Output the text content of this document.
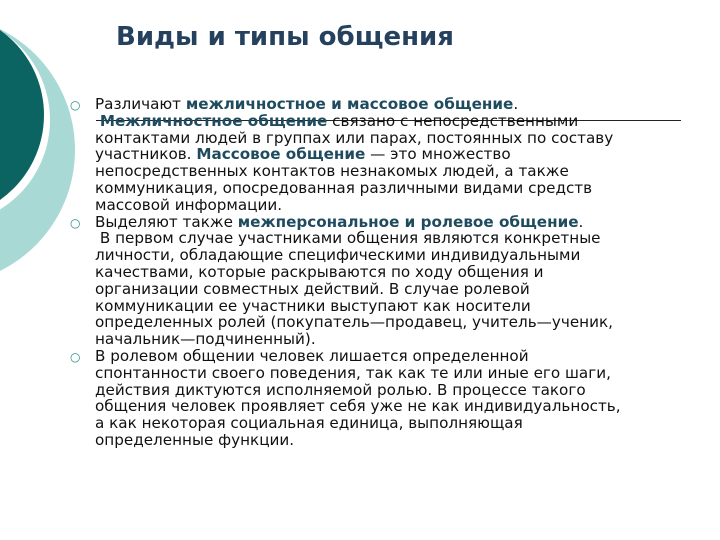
Виды и типы общения
○ Различают межличностное и массовое общение.
Межличностное общение связано с непосредственными
контактами людей в группах или парах, постоянных по составу
участников. Массовое общение — это множество
непосредственных контактов незнакомых людей, а также
коммуникация, опосредованная различными видами средств
массовой информации.
○ Выделяют также межперсональное и ролевое общение.
В первом случае участниками общения являются конкретные
личности, обладающие специфическими индивидуальными
качествами, которые раскрываются по ходу общения и
организации совместных действий. В случае ролевой
коммуникации ее участники выступают как носители
определенных ролей (покупатель—продавец, учитель—ученик,
начальник—подчиненный).
○ В ролевом общении человек лишается определенной
спонтанности своего поведения, так как те или иные его шаги,
действия диктуются исполняемой ролью. В процессе такого
общения человек проявляет себя уже не как индивидуальность,
а как некоторая социальная единица, выполняющая
определенные функции.
